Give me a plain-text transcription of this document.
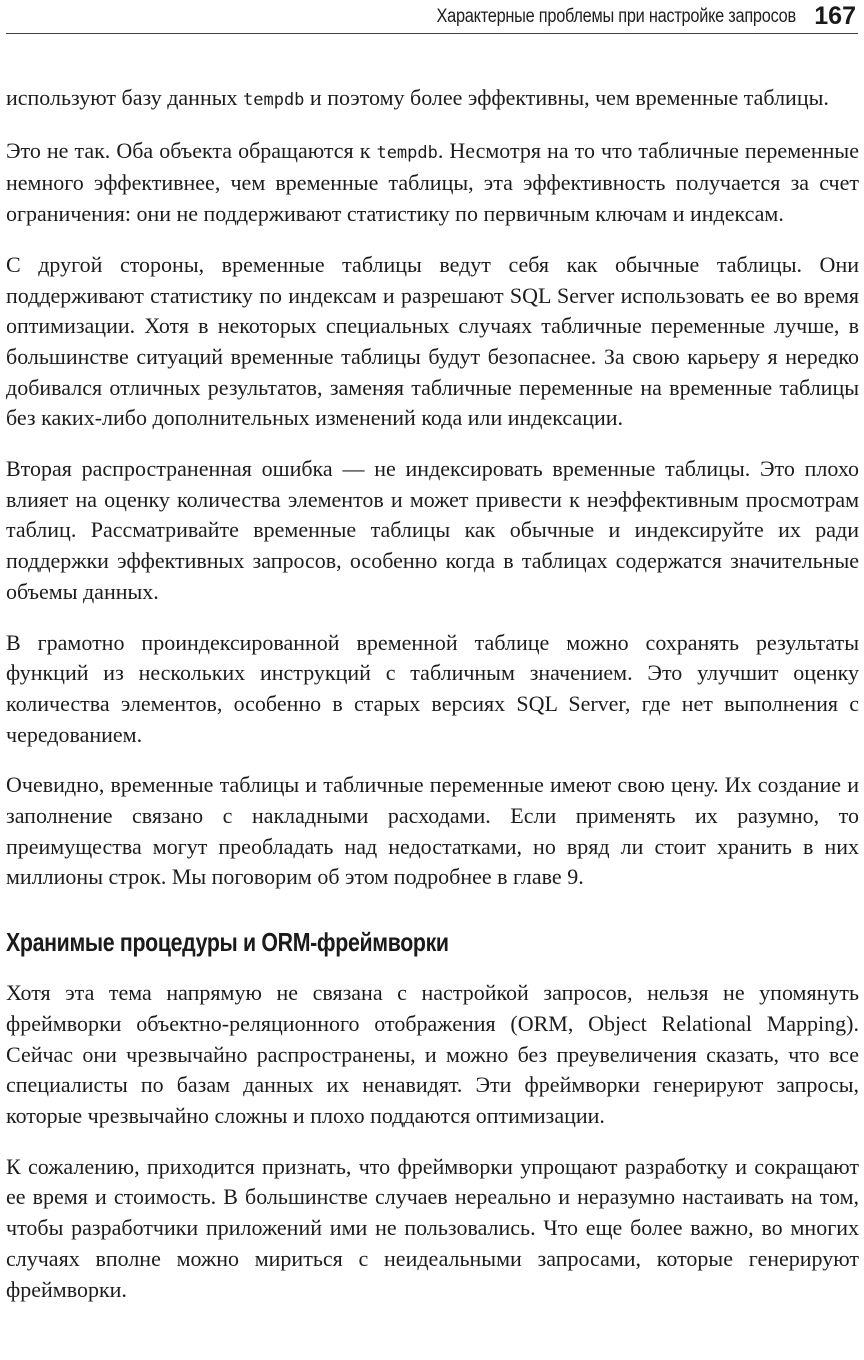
Характерные проблемы при настройке запросов 167

используют базу данных tempdb и поэтому более эффективны, чем временные таблицы.

Это не так. Оба объекта обращаются к tempdb. Несмотря на то что табличные переменные немного эффективнее, чем временные таблицы, эта эффективность получается за счет ограничения: они не поддерживают статистику по первичным ключам и индексам.

С другой стороны, временные таблицы ведут себя как обычные таблицы. Они поддерживают статистику по индексам и разрешают SQL Server использовать ее во время оптимизации. Хотя в некоторых специальных случаях табличные переменные лучше, в большинстве ситуаций временные таблицы будут безопаснее. За свою карьеру я нередко добивался отличных результатов, заменяя табличные переменные на временные таблицы без каких-либо дополнительных изменений кода или индексации.

Вторая распространенная ошибка — не индексировать временные таблицы. Это плохо влияет на оценку количества элементов и может привести к неэффективным просмотрам таблиц. Рассматривайте временные таблицы как обычные и индексируйте их ради поддержки эффективных запросов, особенно когда в таблицах содержатся значительные объемы данных.

В грамотно проиндексированной временной таблице можно сохранять результаты функций из нескольких инструкций с табличным значением. Это улучшит оценку количества элементов, особенно в старых версиях SQL Server, где нет выполнения с чередованием.

Очевидно, временные таблицы и табличные переменные имеют свою цену. Их создание и заполнение связано с накладными расходами. Если применять их разумно, то преимущества могут преобладать над недостатками, но вряд ли стоит хранить в них миллионы строк. Мы поговорим об этом подробнее в главе 9.

Хранимые процедуры и ORM-фреймворки

Хотя эта тема напрямую не связана с настройкой запросов, нельзя не упомянуть фреймворки объектно-реляционного отображения (ORM, Object Relational Mapping). Сейчас они чрезвычайно распространены, и можно без преувеличения сказать, что все специалисты по базам данных их ненавидят. Эти фреймворки генерируют запросы, которые чрезвычайно сложны и плохо поддаются оптимизации.

К сожалению, приходится признать, что фреймворки упрощают разработку и сокращают ее время и стоимость. В большинстве случаев нереально и неразумно настаивать на том, чтобы разработчики приложений ими не пользовались. Что еще более важно, во многих случаях вполне можно мириться с неидеальными запросами, которые генерируют фреймворки.
